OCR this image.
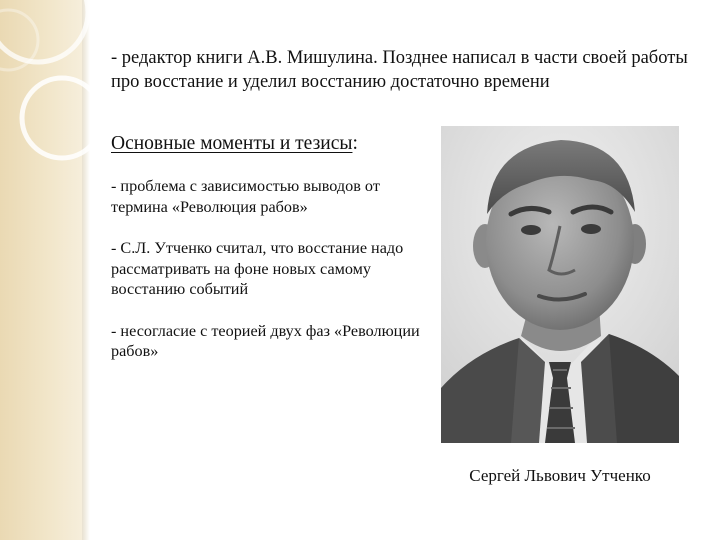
- редактор книги А.В. Мишулина. Позднее написал в части своей работы про восстание и уделил восстанию достаточно времени

Основные моменты и тезисы:

- проблема с зависимостью выводов от термина «Революция рабов»
- С.Л. Утченко считал, что восстание надо рассматривать на фоне новых самому восстанию событий
- несогласие с теорией двух фаз «Революции рабов»

Сергей Львович Утченко
